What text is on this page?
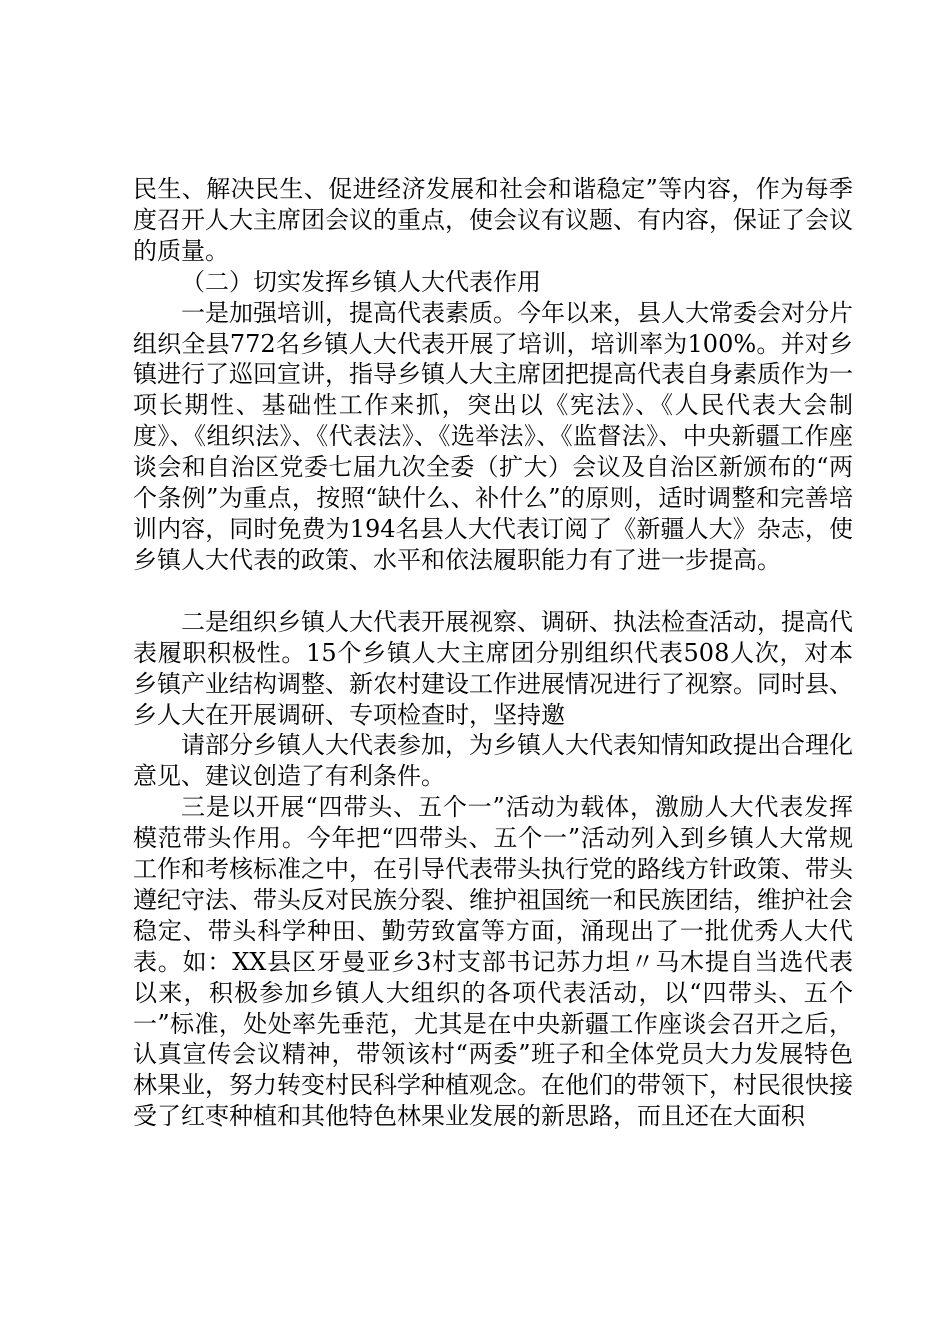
民生、解决民生、促进经济发展和社会和谐稳定”等内容，作为每季度召开人大主席团会议的重点，使会议有议题、有内容，保证了会议的质量。

（二）切实发挥乡镇人大代表作用

一是加强培训，提高代表素质。今年以来，县人大常委会对分片组织全县772名乡镇人大代表开展了培训，培训率为100%。并对乡镇进行了巡回宣讲，指导乡镇人大主席团把提高代表自身素质作为一项长期性、基础性工作来抓，突出以《宪法》、《人民代表大会制度》、《组织法》、《代表法》、《选举法》、《监督法》、中央新疆工作座谈会和自治区党委七届九次全委（扩大）会议及自治区新颁布的“两个条例”为重点，按照“缺什么、补什么”的原则，适时调整和完善培训内容，同时免费为194名县人大代表订阅了《新疆人大》杂志，使乡镇人大代表的政策、水平和依法履职能力有了进一步提高。

二是组织乡镇人大代表开展视察、调研、执法检查活动，提高代表履职积极性。15个乡镇人大主席团分别组织代表508人次，对本乡镇产业结构调整、新农村建设工作进展情况进行了视察。同时县、乡人大在开展调研、专项检查时，坚持邀

请部分乡镇人大代表参加，为乡镇人大代表知情知政提出合理化意见、建议创造了有利条件。

三是以开展“四带头、五个一”活动为载体，激励人大代表发挥模范带头作用。今年把“四带头、五个一”活动列入到乡镇人大常规工作和考核标准之中，在引导代表带头执行党的路线方针政策、带头遵纪守法、带头反对民族分裂、维护祖国统一和民族团结，维护社会稳定、带头科学种田、勤劳致富等方面，涌现出了一批优秀人大代表。如：XX县区牙曼亚乡3村支部书记苏力坦〃马木提自当选代表以来，积极参加乡镇人大组织的各项代表活动，以“四带头、五个一”标准，处处率先垂范，尤其是在中央新疆工作座谈会召开之后，认真宣传会议精神，带领该村“两委”班子和全体党员大力发展特色林果业，努力转变村民科学种植观念。在他们的带领下，村民很快接受了红枣种植和其他特色林果业发展的新思路，而且还在大面积
